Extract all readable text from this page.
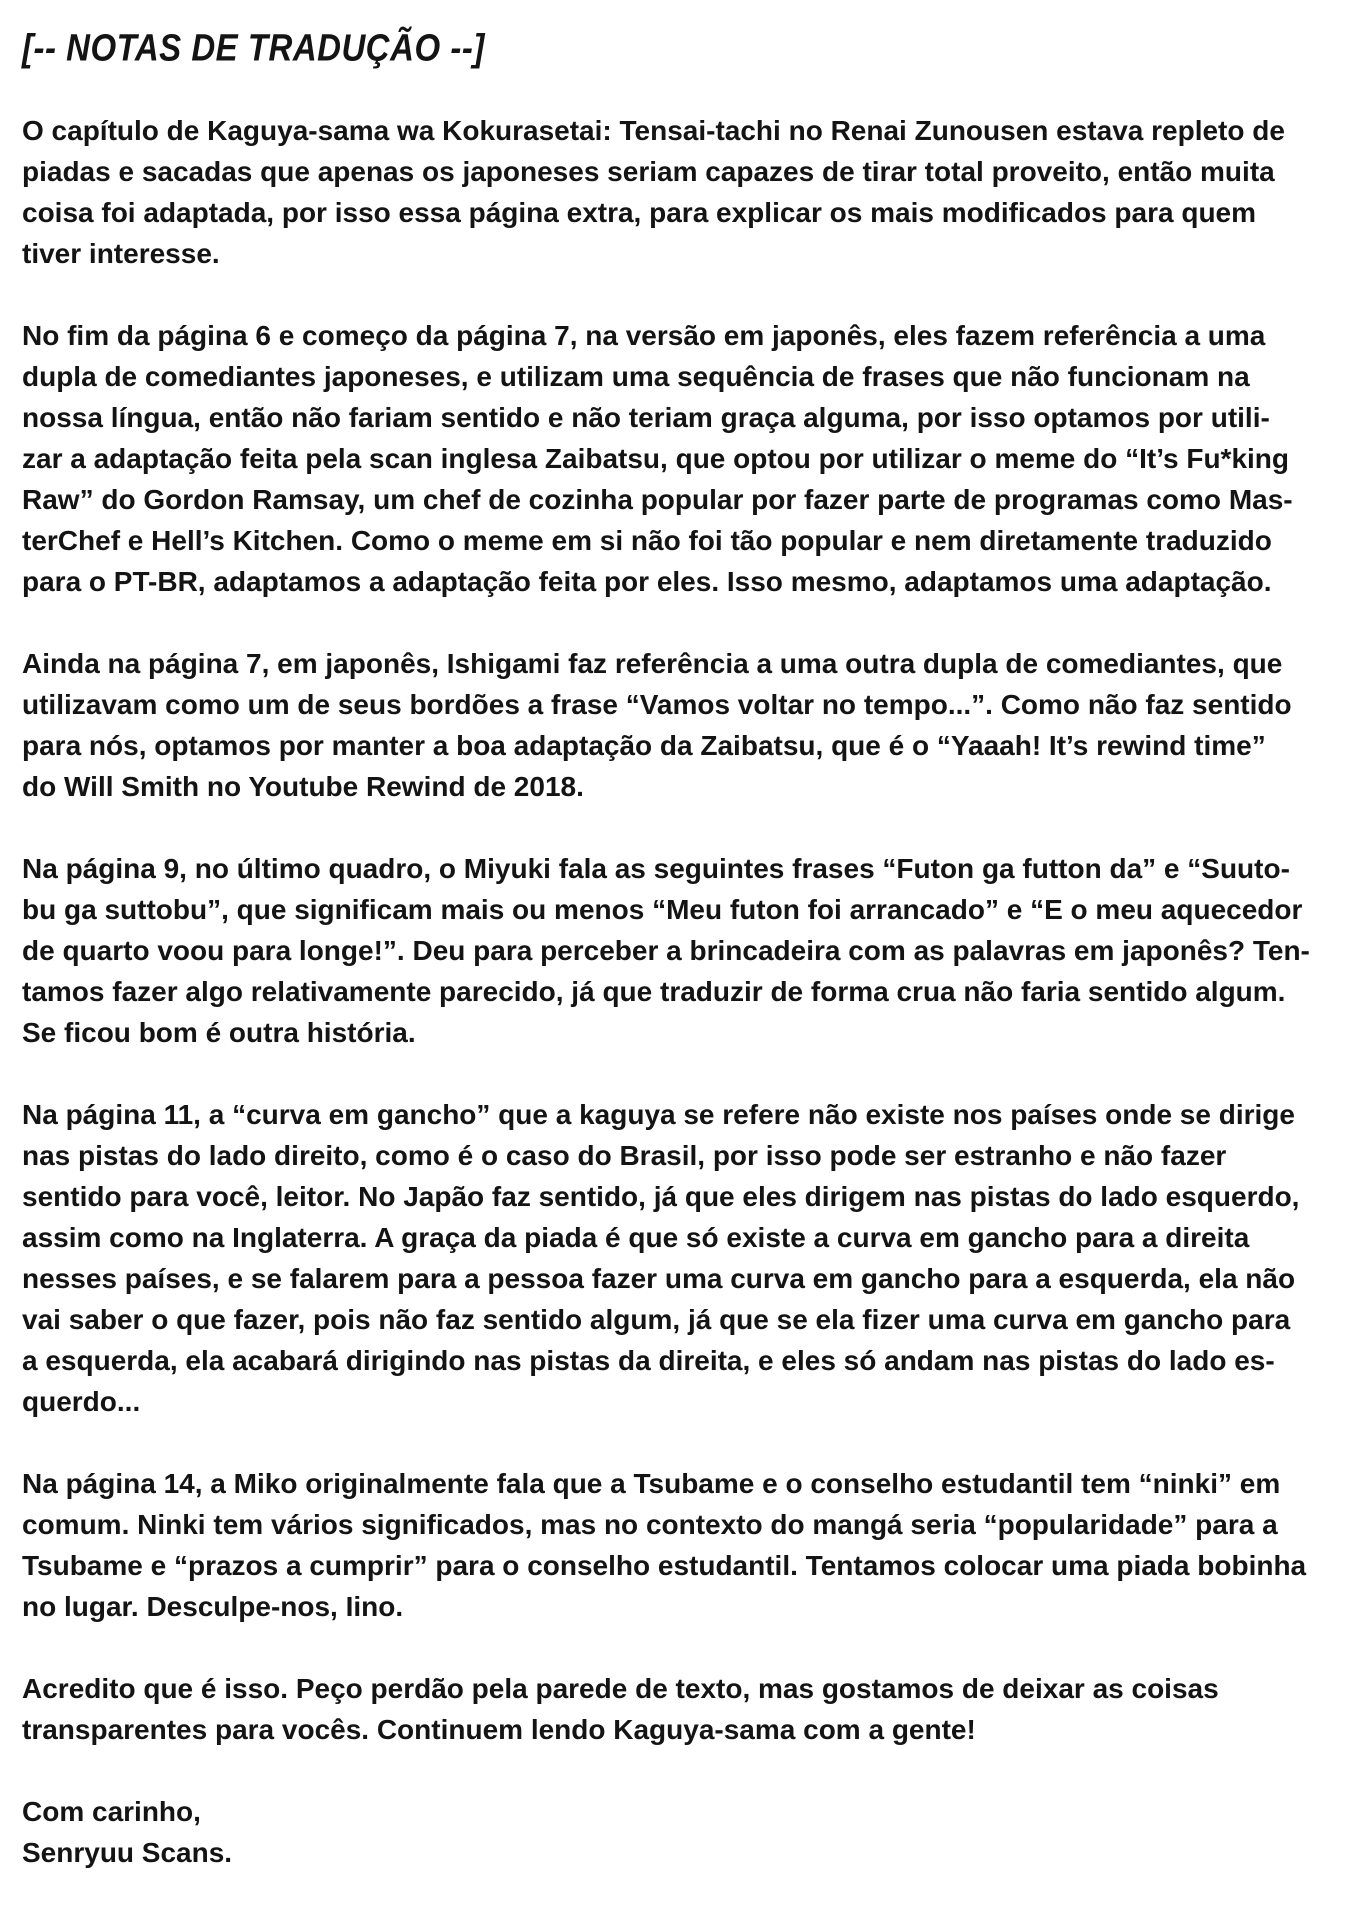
[-- NOTAS DE TRADUÇÃO --]
O capítulo de Kaguya-sama wa Kokurasetai: Tensai-tachi no Renai Zunousen estava repleto de
piadas e sacadas que apenas os japoneses seriam capazes de tirar total proveito, então muita
coisa foi adaptada, por isso essa página extra, para explicar os mais modificados para quem
tiver interesse.
No fim da página 6 e começo da página 7, na versão em japonês, eles fazem referência a uma
dupla de comediantes japoneses, e utilizam uma sequência de frases que não funcionam na
nossa língua, então não fariam sentido e não teriam graça alguma, por isso optamos por utili-
zar a adaptação feita pela scan inglesa Zaibatsu, que optou por utilizar o meme do “It’s Fu*king
Raw” do Gordon Ramsay, um chef de cozinha popular por fazer parte de programas como Mas-
terChef e Hell’s Kitchen. Como o meme em si não foi tão popular e nem diretamente traduzido
para o PT-BR, adaptamos a adaptação feita por eles. Isso mesmo, adaptamos uma adaptação.
Ainda na página 7, em japonês, Ishigami faz referência a uma outra dupla de comediantes, que
utilizavam como um de seus bordões a frase “Vamos voltar no tempo...”. Como não faz sentido
para nós, optamos por manter a boa adaptação da Zaibatsu, que é o “Yaaah! It’s rewind time”
do Will Smith no Youtube Rewind de 2018.
Na página 9, no último quadro, o Miyuki fala as seguintes frases “Futon ga futton da” e “Suuto-
bu ga suttobu”, que significam mais ou menos “Meu futon foi arrancado” e “E o meu aquecedor
de quarto voou para longe!”. Deu para perceber a brincadeira com as palavras em japonês? Ten-
tamos fazer algo relativamente parecido, já que traduzir de forma crua não faria sentido algum.
Se ficou bom é outra história.
Na página 11, a “curva em gancho” que a kaguya se refere não existe nos países onde se dirige
nas pistas do lado direito, como é o caso do Brasil, por isso pode ser estranho e não fazer
sentido para você, leitor. No Japão faz sentido, já que eles dirigem nas pistas do lado esquerdo,
assim como na Inglaterra. A graça da piada é que só existe a curva em gancho para a direita
nesses países, e se falarem para a pessoa fazer uma curva em gancho para a esquerda, ela não
vai saber o que fazer, pois não faz sentido algum, já que se ela fizer uma curva em gancho para
a esquerda, ela acabará dirigindo nas pistas da direita, e eles só andam nas pistas do lado es-
querdo...
Na página 14, a Miko originalmente fala que a Tsubame e o conselho estudantil tem “ninki” em
comum. Ninki tem vários significados, mas no contexto do mangá seria “popularidade” para a
Tsubame e “prazos a cumprir” para o conselho estudantil. Tentamos colocar uma piada bobinha
no lugar. Desculpe-nos, Iino.
Acredito que é isso. Peço perdão pela parede de texto, mas gostamos de deixar as coisas
transparentes para vocês. Continuem lendo Kaguya-sama com a gente!
Com carinho,
Senryuu Scans.
